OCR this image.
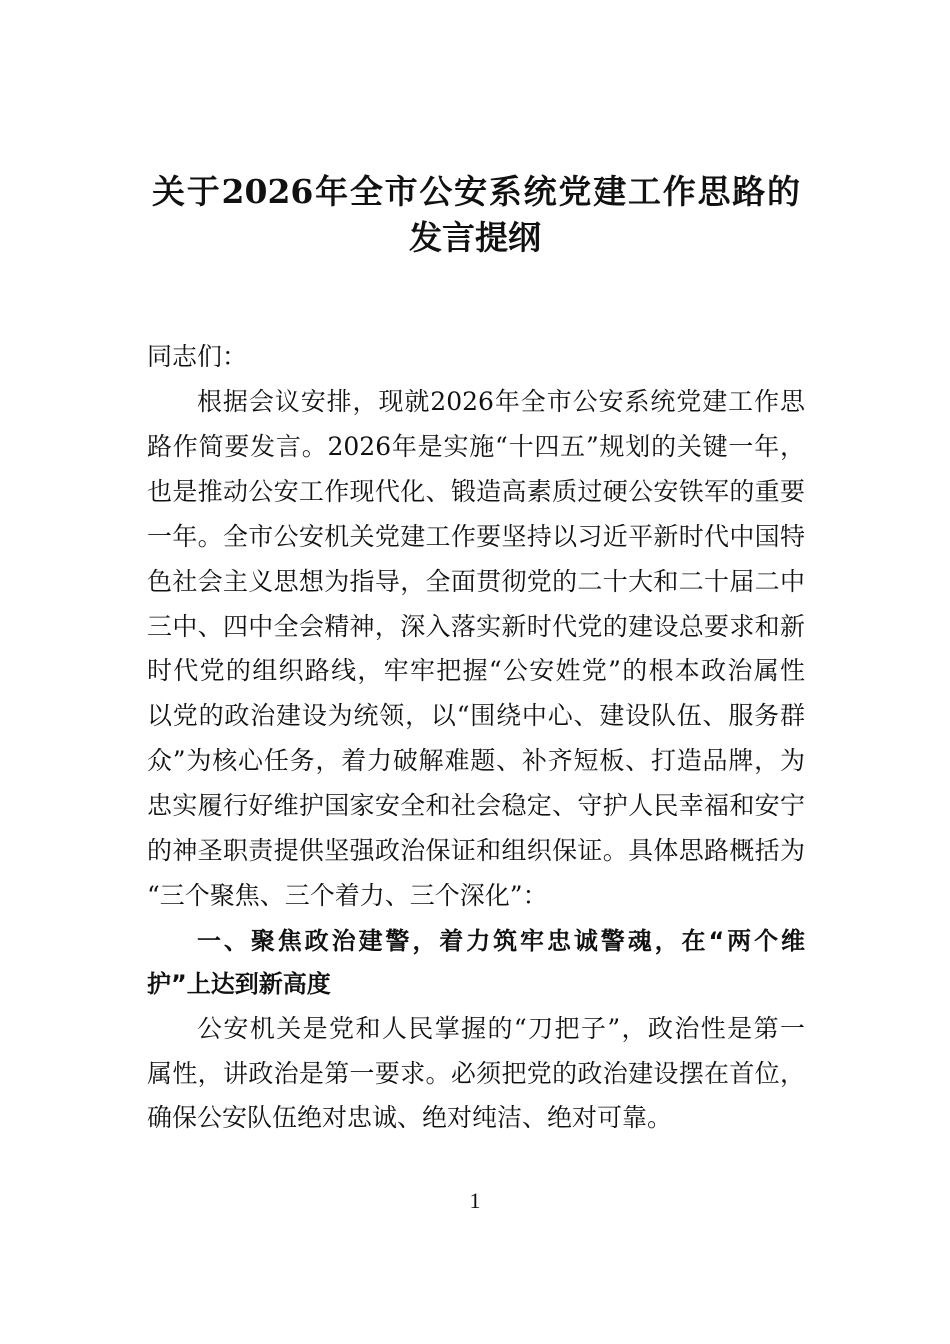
关于2026年全市公安系统党建工作思路的
发言提纲
同志们：
根据会议安排，现就2026年全市公安系统党建工作思
路作简要发言。2026年是实施“十四五”规划的关键一年，
也是推动公安工作现代化、锻造高素质过硬公安铁军的重要
一年。全市公安机关党建工作要坚持以习近平新时代中国特
色社会主义思想为指导，全面贯彻党的二十大和二十届二中
三中、四中全会精神，深入落实新时代党的建设总要求和新
时代党的组织路线，牢牢把握“公安姓党”的根本政治属性
以党的政治建设为统领，以“围绕中心、建设队伍、服务群
众”为核心任务，着力破解难题、补齐短板、打造品牌，为
忠实履行好维护国家安全和社会稳定、守护人民幸福和安宁
的神圣职责提供坚强政治保证和组织保证。具体思路概括为
“三个聚焦、三个着力、三个深化”：
一、聚焦政治建警，着力筑牢忠诚警魂，在“两个维
护”上达到新高度
公安机关是党和人民掌握的“刀把子”，政治性是第一
属性，讲政治是第一要求。必须把党的政治建设摆在首位，
确保公安队伍绝对忠诚、绝对纯洁、绝对可靠。
1
